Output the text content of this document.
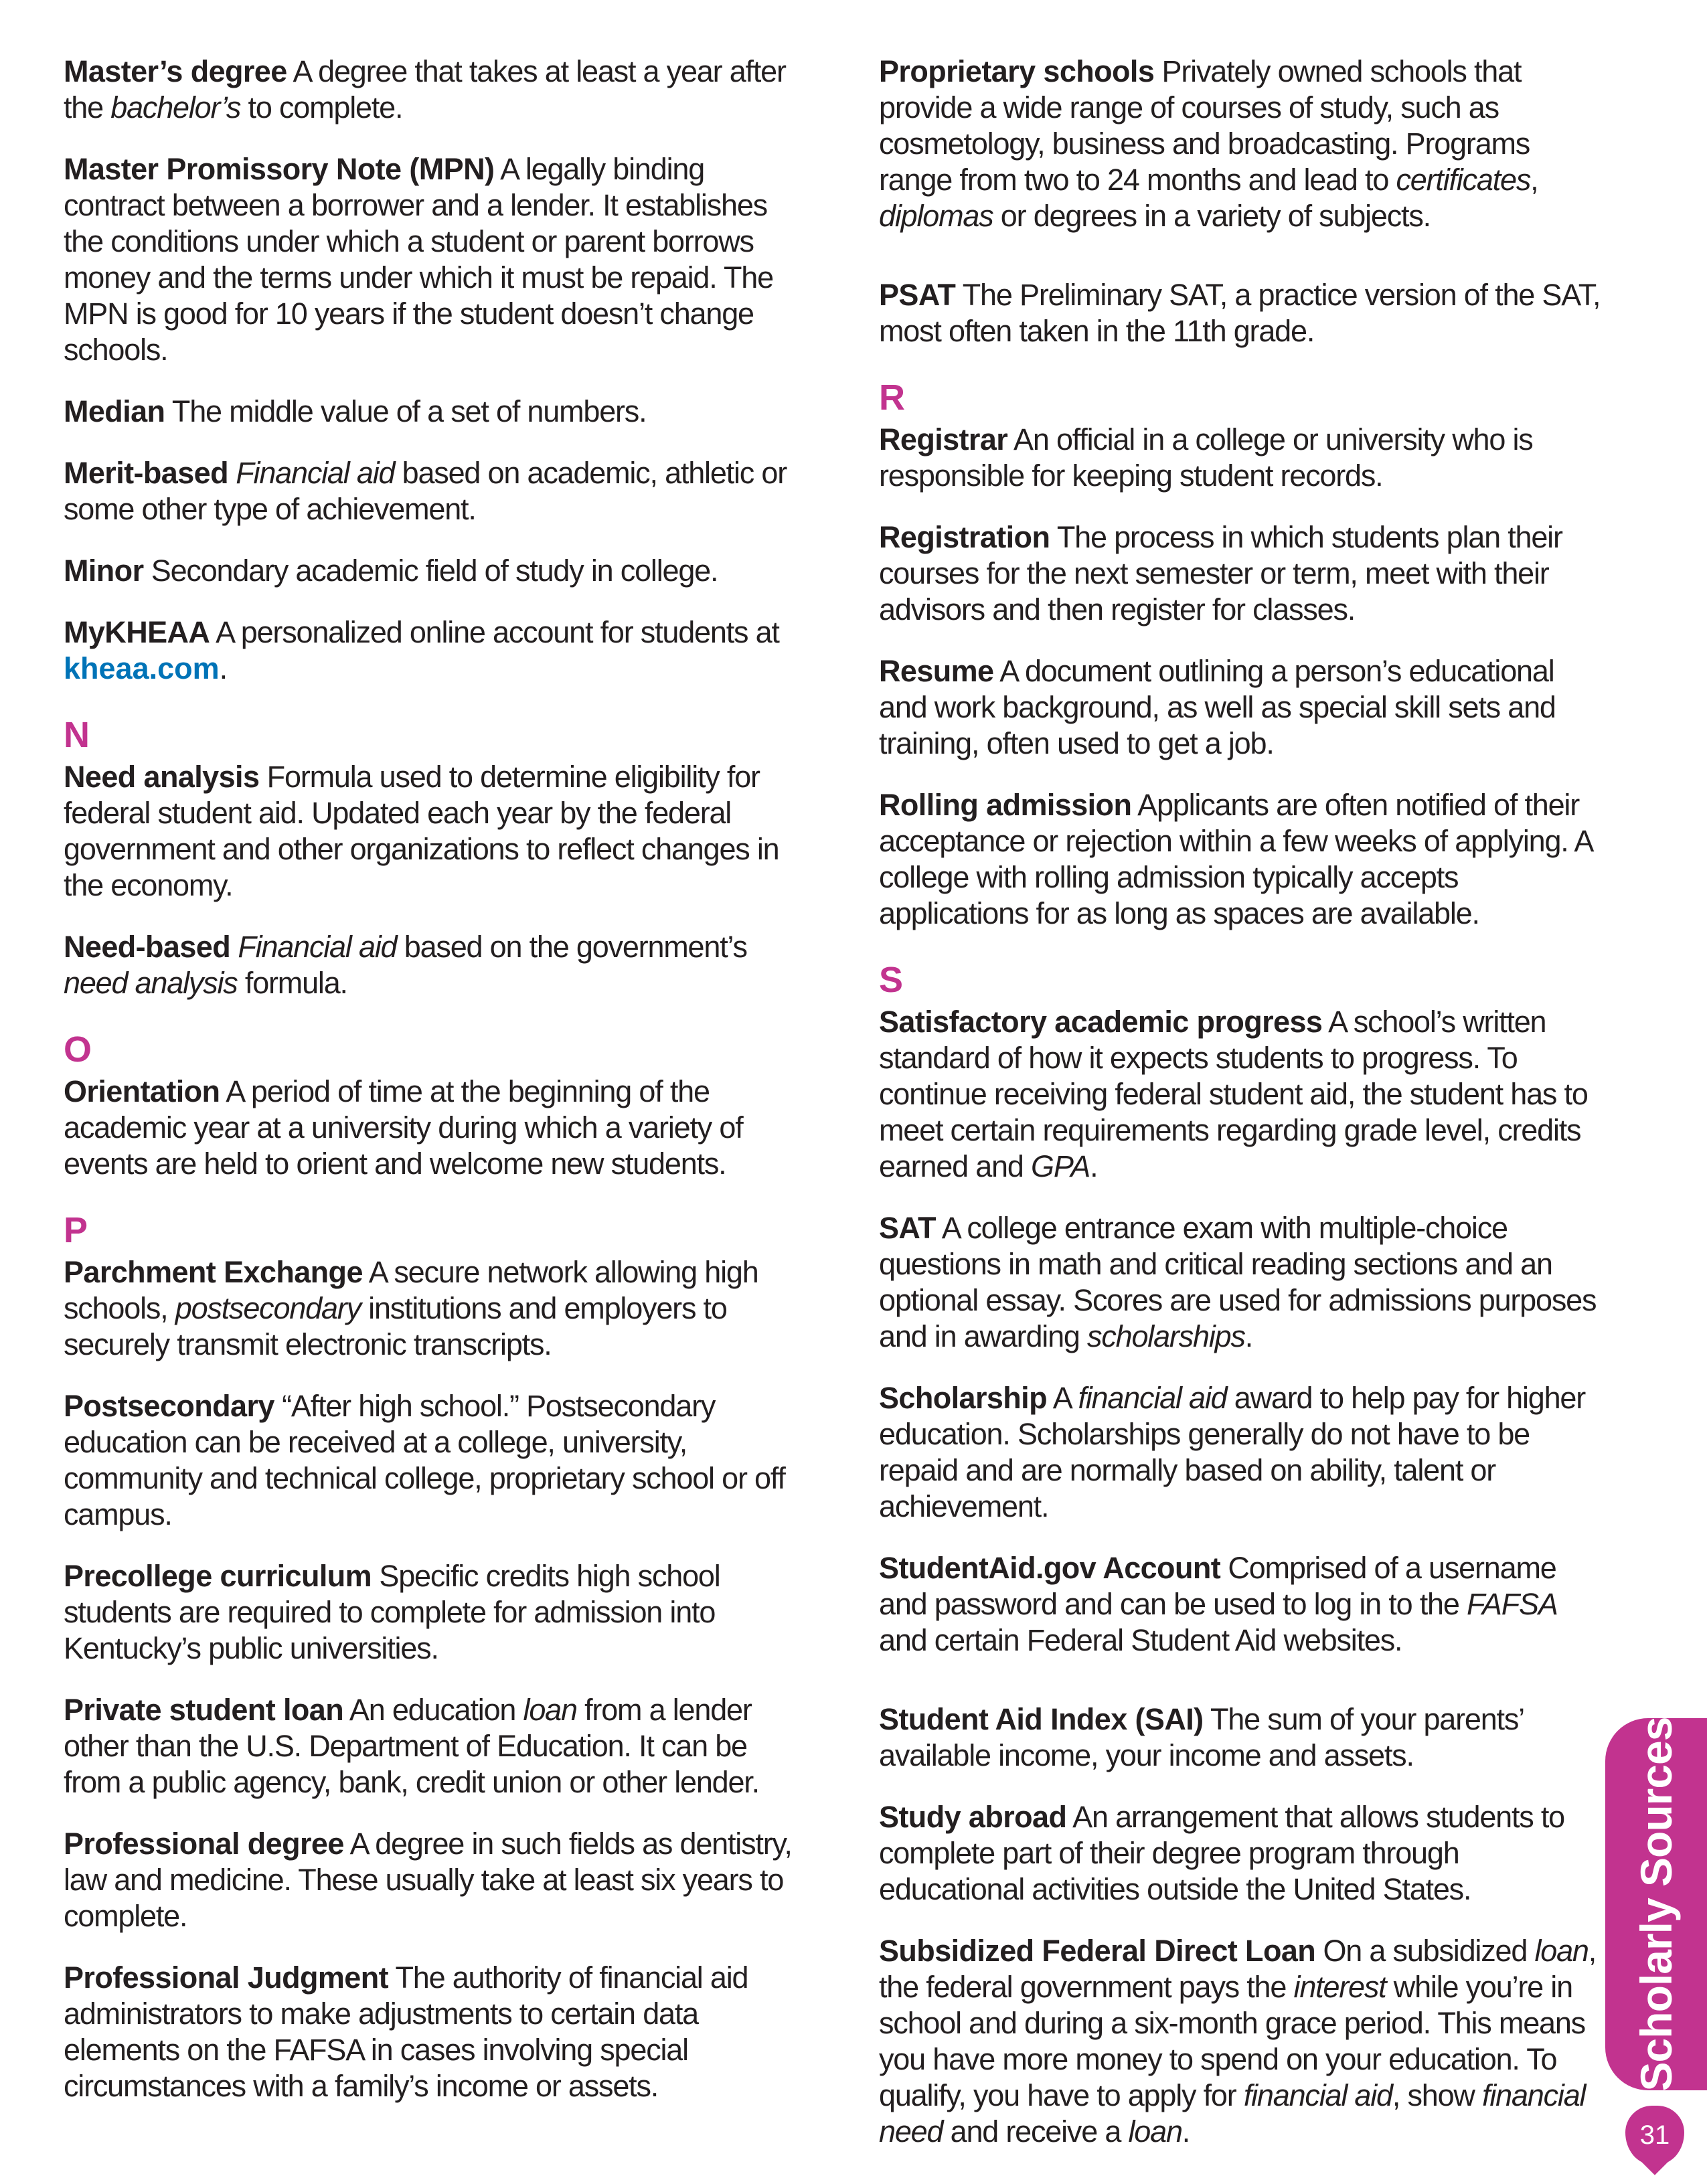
Master’s degree A degree that takes at least a year after the bachelor’s to complete.

Master Promissory Note (MPN) A legally binding contract between a borrower and a lender. It establishes the conditions under which a student or parent borrows money and the terms under which it must be repaid. The MPN is good for 10 years if the student doesn’t change schools.

Median The middle value of a set of numbers.

Merit-based Financial aid based on academic, athletic or some other type of achievement.

Minor Secondary academic field of study in college.

MyKHEAA A personalized online account for students at kheaa.com.

N

Need analysis Formula used to determine eligibility for federal student aid. Updated each year by the federal government and other organizations to reflect changes in the economy.

Need-based Financial aid based on the government’s need analysis formula.

O

Orientation A period of time at the beginning of the academic year at a university during which a variety of events are held to orient and welcome new students.

P

Parchment Exchange A secure network allowing high schools, postsecondary institutions and employers to securely transmit electronic transcripts.

Postsecondary “After high school.” Postsecondary education can be received at a college, university, community and technical college, proprietary school or off campus.

Precollege curriculum Specific credits high school students are required to complete for admission into Kentucky’s public universities.

Private student loan An education loan from a lender other than the U.S. Department of Education. It can be from a public agency, bank, credit union or other lender.

Professional degree A degree in such fields as dentistry, law and medicine. These usually take at least six years to complete.

Professional Judgment The authority of financial aid administrators to make adjustments to certain data elements on the FAFSA in cases involving special circumstances with a family’s income or assets.

Proprietary schools Privately owned schools that provide a wide range of courses of study, such as cosmetology, business and broadcasting. Programs range from two to 24 months and lead to certificates, diplomas or degrees in a variety of subjects.

PSAT The Preliminary SAT, a practice version of the SAT, most often taken in the 11th grade.

R

Registrar An official in a college or university who is responsible for keeping student records.

Registration The process in which students plan their courses for the next semester or term, meet with their advisors and then register for classes.

Resume A document outlining a person’s educational and work background, as well as special skill sets and training, often used to get a job.

Rolling admission Applicants are often notified of their acceptance or rejection within a few weeks of applying. A college with rolling admission typically accepts applications for as long as spaces are available.

S

Satisfactory academic progress A school’s written standard of how it expects students to progress. To continue receiving federal student aid, the student has to meet certain requirements regarding grade level, credits earned and GPA.

SAT A college entrance exam with multiple-choice questions in math and critical reading sections and an optional essay. Scores are used for admissions purposes and in awarding scholarships.

Scholarship A financial aid award to help pay for higher education. Scholarships generally do not have to be repaid and are normally based on ability, talent or achievement.

StudentAid.gov Account Comprised of a username and password and can be used to log in to the FAFSA and certain Federal Student Aid websites.

Student Aid Index (SAI) The sum of your parents’ available income, your income and assets.

Study abroad An arrangement that allows students to complete part of their degree program through educational activities outside the United States.

Subsidized Federal Direct Loan On a subsidized loan, the federal government pays the interest while you’re in school and during a six-month grace period. This means you have more money to spend on your education. To qualify, you have to apply for financial aid, show financial need and receive a loan.

Scholarly Sources
31
